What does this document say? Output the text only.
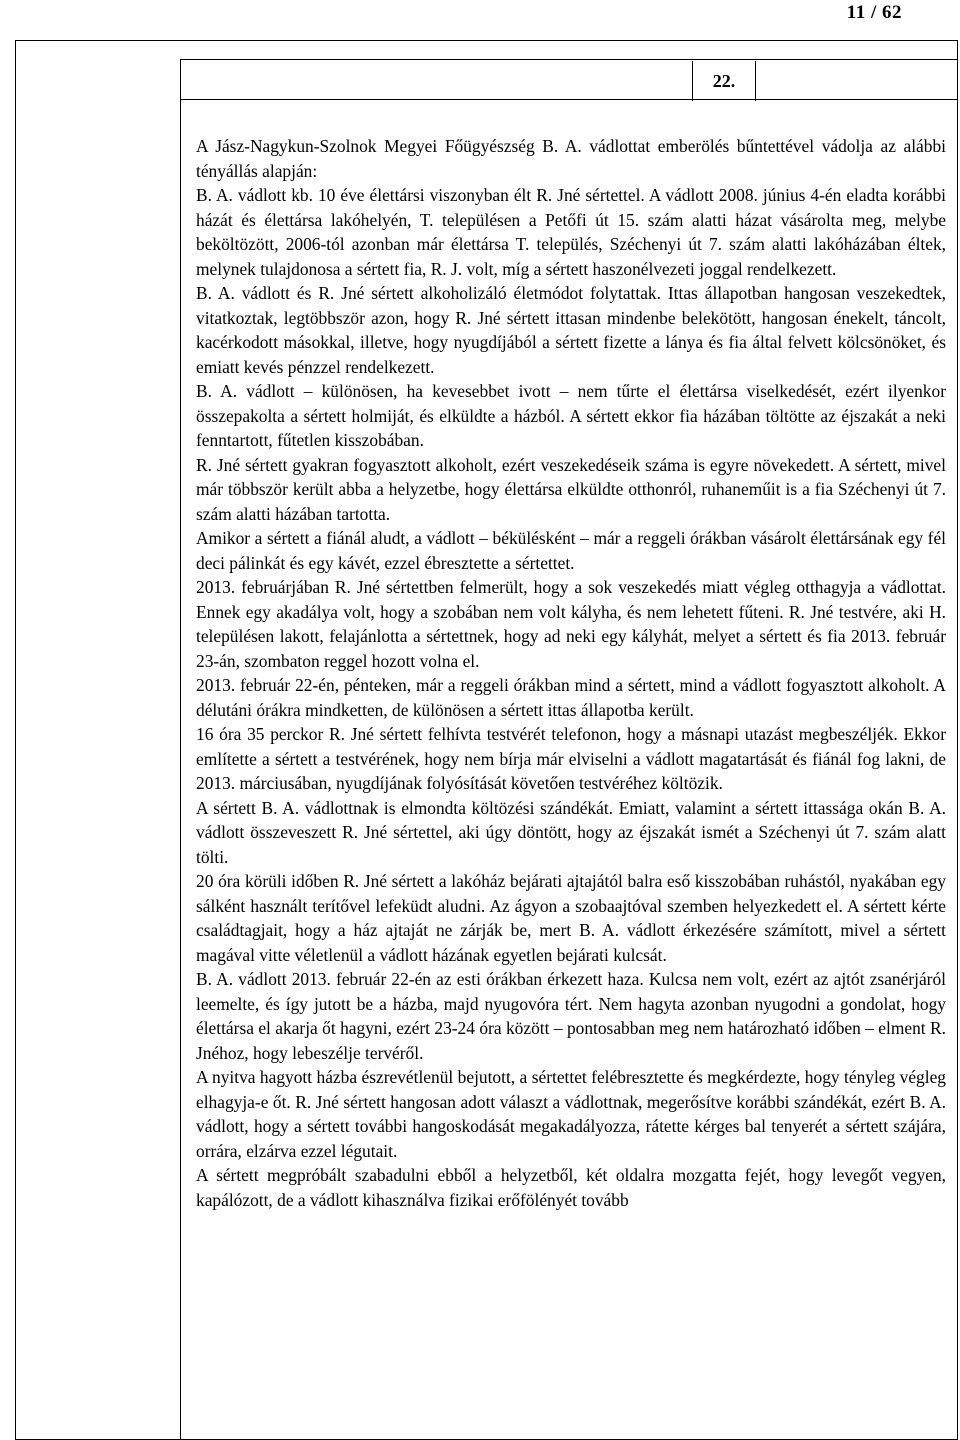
11 / 62
22.

A Jász-Nagykun-Szolnok Megyei Főügyészség B. A. vádlottat emberölés bűntettével vádolja az alábbi tényállás alapján:

B. A. vádlott kb. 10 éve élettársi viszonyban élt R. Jné sértettel. A vádlott 2008. június 4-én eladta korábbi házát és élettársa lakóhelyén, T. településen a Petőfi út 15. szám alatti házat vásárolta meg, melybe beköltözött, 2006-tól azonban már élettársa T. település, Széchenyi út 7. szám alatti lakóházában éltek, melynek tulajdonosa a sértett fia, R. J. volt, míg a sértett haszonélvezeti joggal rendelkezett.

B. A. vádlott és R. Jné sértett alkoholizáló életmódot folytattak. Ittas állapotban hangosan veszekedtek, vitatkoztak, legtöbbször azon, hogy R. Jné sértett ittasan mindenbe belekötött, hangosan énekelt, táncolt, kacérkodott másokkal, illetve, hogy nyugdíjából a sértett fizette a lánya és fia által felvett kölcsönöket, és emiatt kevés pénzzel rendelkezett.

B. A. vádlott – különösen, ha kevesebbet ivott – nem tűrte el élettársa viselkedését, ezért ilyenkor összepakolta a sértett holmiját, és elküldte a házból. A sértett ekkor fia házában töltötte az éjszakát a neki fenntartott, fűtetlen kisszobában.

R. Jné sértett gyakran fogyasztott alkoholt, ezért veszekedéseik száma is egyre növekedett. A sértett, mivel már többször került abba a helyzetbe, hogy élettársa elküldte otthonról, ruhaneműit is a fia Széchenyi út 7. szám alatti házában tartotta.

Amikor a sértett a fiánál aludt, a vádlott – békülésként – már a reggeli órákban vásárolt élettársának egy fél deci pálinkát és egy kávét, ezzel ébresztette a sértettet.

2013. februárjában R. Jné sértettben felmerült, hogy a sok veszekedés miatt végleg otthagyja a vádlottat. Ennek egy akadálya volt, hogy a szobában nem volt kályha, és nem lehetett fűteni. R. Jné testvére, aki H. településen lakott, felajánlotta a sértettnek, hogy ad neki egy kályhát, melyet a sértett és fia 2013. február 23-án, szombaton reggel hozott volna el.

2013. február 22-én, pénteken, már a reggeli órákban mind a sértett, mind a vádlott fogyasztott alkoholt. A délutáni órákra mindketten, de különösen a sértett ittas állapotba került.

16 óra 35 perckor R. Jné sértett felhívta testvérét telefonon, hogy a másnapi utazást megbeszéljék. Ekkor említette a sértett a testvérének, hogy nem bírja már elviselni a vádlott magatartását és fiánál fog lakni, de 2013. márciusában, nyugdíjának folyósítását követően testvéréhez költözik.

A sértett B. A. vádlottnak is elmondta költözési szándékát. Emiatt, valamint a sértett ittassága okán B. A. vádlott összeveszett R. Jné sértettel, aki úgy döntött, hogy az éjszakát ismét a Széchenyi út 7. szám alatt tölti.

20 óra körüli időben R. Jné sértett a lakóház bejárati ajtajától balra eső kisszobában ruhástól, nyakában egy sálként használt terítővel lefeküdt aludni. Az ágyon a szobaajtóval szemben helyezkedett el. A sértett kérte családtagjait, hogy a ház ajtaját ne zárják be, mert B. A. vádlott érkezésére számított, mivel a sértett magával vitte véletlenül a vádlott házának egyetlen bejárati kulcsát.

B. A. vádlott 2013. február 22-én az esti órákban érkezett haza. Kulcsa nem volt, ezért az ajtót zsanérjáról leemelte, és így jutott be a házba, majd nyugovóra tért. Nem hagyta azonban nyugodni a gondolat, hogy élettársa el akarja őt hagyni, ezért 23-24 óra között – pontosabban meg nem határozható időben – elment R. Jnéhoz, hogy lebeszélje tervéről.

A nyitva hagyott házba észrevétlenül bejutott, a sértettet felébresztette és megkérdezte, hogy tényleg végleg elhagyja-e őt. R. Jné sértett hangosan adott választ a vádlottnak, megerősítve korábbi szándékát, ezért B. A. vádlott, hogy a sértett további hangoskodását megakadályozza, rátette kérges bal tenyerét a sértett szájára, orrára, elzárva ezzel légutait.

A sértett megpróbált szabadulni ebből a helyzetből, két oldalra mozgatta fejét, hogy levegőt vegyen, kapálózott, de a vádlott kihasználva fizikai erőfölényét tovább
